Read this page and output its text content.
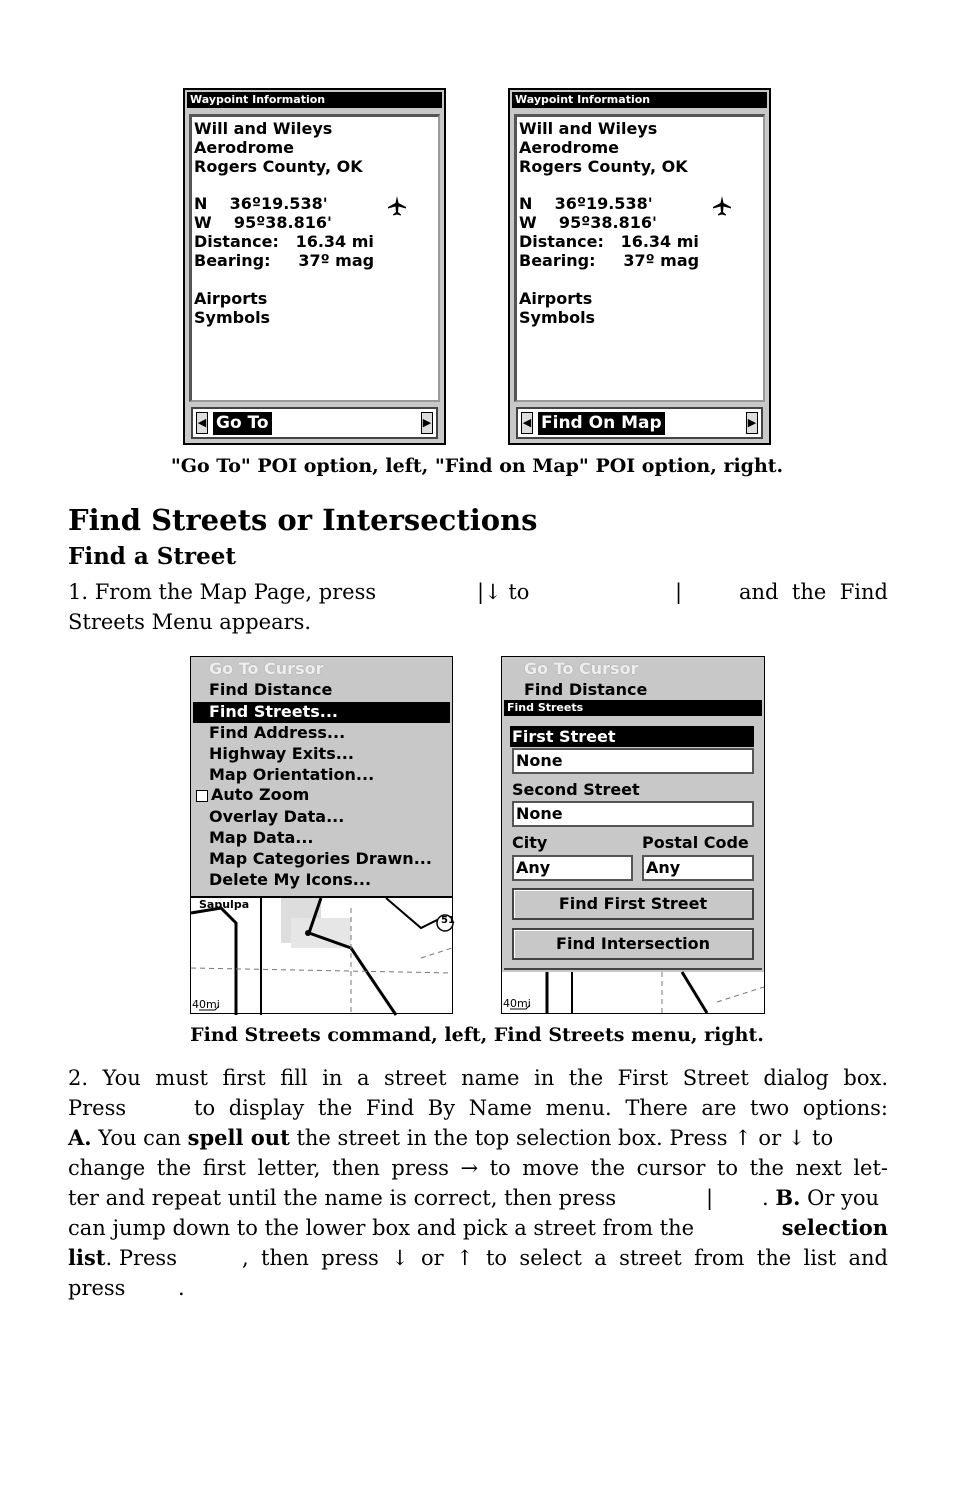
Waypoint Information
Will and Wileys
Aerodrome
Rogers County, OK
N    36º19.538'
W    95º38.816'
Distance:   16.34 mi
Bearing:     37º mag
Airports
Symbols
◀ Go To	▶
Waypoint Information
Will and Wileys
Aerodrome
Rogers County, OK
N    36º19.538'
W    95º38.816'
Distance:   16.34 mi
Bearing:     37º mag
Airports
Symbols
◀ Find On Map	▶
"Go To" POI option, left, "Find on Map" POI option, right.
Find Streets or Intersections
Find a Street
1. From the Map Page, press	|↓ to	|	and the Find Streets Menu appears.
Go To Cursor
Find Distance
Find Streets...
Find Address...
Highway Exits...
Map Orientation...
Auto Zoom
Overlay Data...
Map Data...
Map Categories Drawn...
Delete My Icons...
Sapulpa
51
40mi
Go To Cursor
Find Distance
Find Streets
First Street
None
Second Street
None
City	Postal Code
Any	Any
Find First Street
Find Intersection
40mi
Find Streets command, left, Find Streets menu, right.
2. You must first fill in a street name in the First Street dialog box.
Press	to display the Find By Name menu. There are two options:
A. You can spell out the street in the top selection box. Press ↑ or ↓ to
change the first letter, then press → to move the cursor to the next let-
ter and repeat until the name is correct, then press	| . B. Or you
can jump down to the lower box and pick a street from the	selection
list. Press	, then press ↓ or ↑ to select a street from the list and
press	.
